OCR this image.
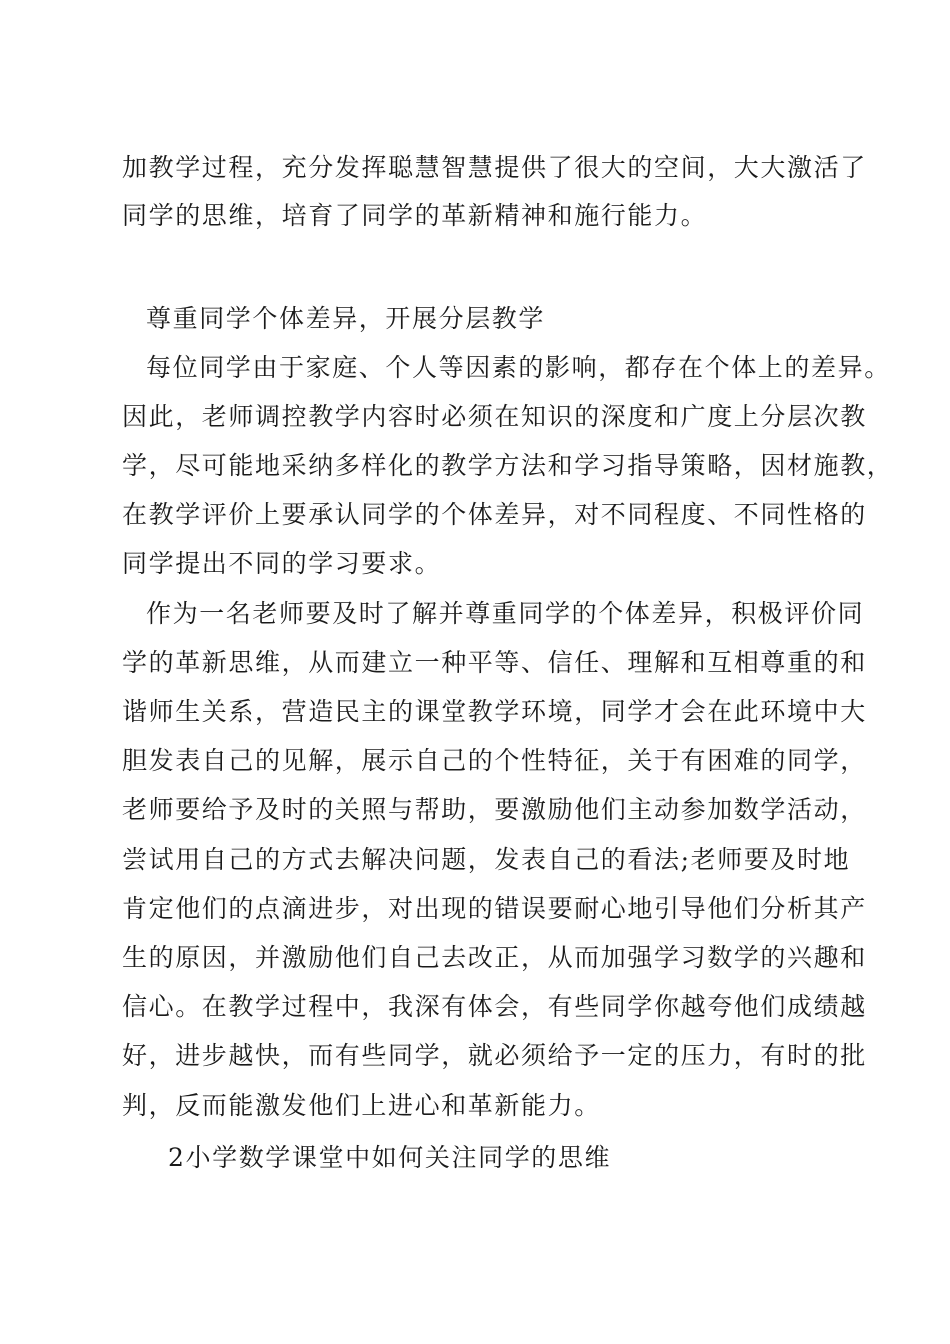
加教学过程，充分发挥聪慧智慧提供了很大的空间，大大激活了
同学的思维，培育了同学的革新精神和施行能力。
尊重同学个体差异，开展分层教学
每位同学由于家庭、个人等因素的影响，都存在个体上的差异。
因此，老师调控教学内容时必须在知识的深度和广度上分层次教
学，尽可能地采纳多样化的教学方法和学习指导策略，因材施教，
在教学评价上要承认同学的个体差异，对不同程度、不同性格的
同学提出不同的学习要求。
作为一名老师要及时了解并尊重同学的个体差异，积极评价同
学的革新思维，从而建立一种平等、信任、理解和互相尊重的和
谐师生关系，营造民主的课堂教学环境，同学才会在此环境中大
胆发表自己的见解，展示自己的个性特征，关于有困难的同学，
老师要给予及时的关照与帮助，要激励他们主动参加数学活动，
尝试用自己的方式去解决问题，发表自己的看法;老师要及时地
肯定他们的点滴进步，对出现的错误要耐心地引导他们分析其产
生的原因，并激励他们自己去改正，从而加强学习数学的兴趣和
信心。在教学过程中，我深有体会，有些同学你越夸他们成绩越
好，进步越快，而有些同学，就必须给予一定的压力，有时的批
判，反而能激发他们上进心和革新能力。
2小学数学课堂中如何关注同学的思维
